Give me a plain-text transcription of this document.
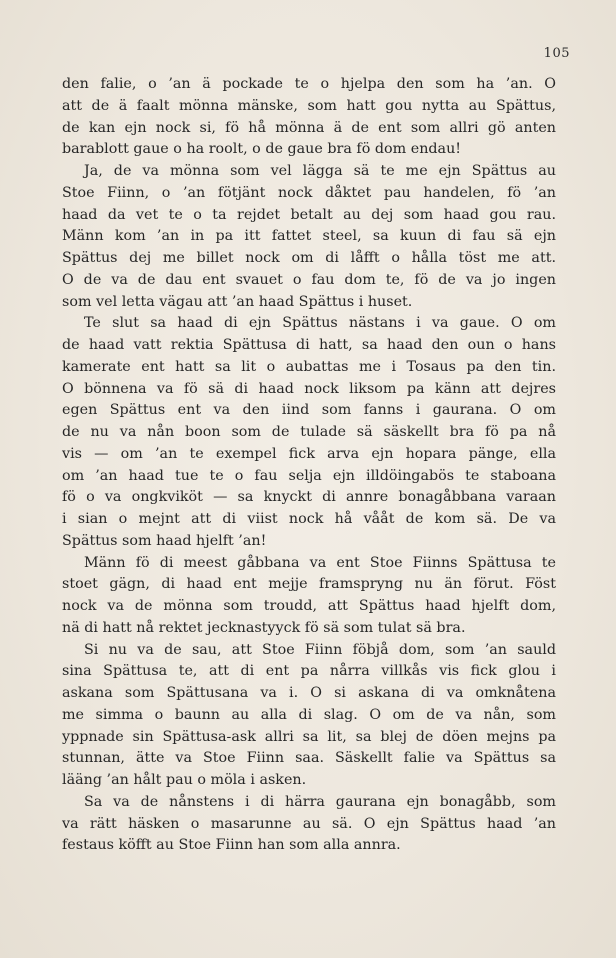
105
den falie, o ’an ä pockade te o hjelpa den som ha ’an. O
att de ä faalt mönna mänske, som hatt gou nytta au Spättus,
de kan ejn nock si, fö hå mönna ä de ent som allri gö anten
barablott gaue o ha roolt, o de gaue bra fö dom endau!
Ja, de va mönna som vel lägga sä te me ejn Spättus au
Stoe Fiinn, o ’an fötjänt nock dåktet pau handelen, fö ’an
haad da vet te o ta rejdet betalt au dej som haad gou rau.
Männ kom ’an in pa itt fattet steel, sa kuun di fau sä ejn
Spättus dej me billet nock om di låfft o hålla töst me att.
O de va de dau ent svauet o fau dom te, fö de va jo ingen
som vel letta vägau att ’an haad Spättus i huset.
Te slut sa haad di ejn Spättus nästans i va gaue. O om
de haad vatt rektia Spättusa di hatt, sa haad den oun o hans
kamerate ent hatt sa lit o aubattas me i Tosaus pa den tin.
O bönnena va fö sä di haad nock liksom pa känn att dejres
egen Spättus ent va den iind som fanns i gaurana. O om
de nu va nån boon som de tulade sä säskellt bra fö pa nå
vis — om ’an te exempel fick arva ejn hopara pänge, ella
om ’an haad tue te o fau selja ejn illdöingabös te staboana
fö o va ongkviköt — sa knyckt di annre bonagåbbana varaan
i sian o mejnt att di viist nock hå vååt de kom sä. De va
Spättus som haad hjelft ’an!
Männ fö di meest gåbbana va ent Stoe Fiinns Spättusa te
stoet gägn, di haad ent mejje framspryng nu än förut. Föst
nock va de mönna som troudd, att Spättus haad hjelft dom,
nä di hatt nå rektet jecknastyyck fö sä som tulat sä bra.
Si nu va de sau, att Stoe Fiinn föbjå dom, som ’an sauld
sina Spättusa te, att di ent pa nårra villkås vis fick glou i
askana som Spättusana va i. O si askana di va omknåtena
me simma o baunn au alla di slag. O om de va nån, som
yppnade sin Spättusa-ask allri sa lit, sa blej de döen mejns pa
stunnan, ätte va Stoe Fiinn saa. Säskellt falie va Spättus sa
lääng ’an hålt pau o möla i asken.
Sa va de nånstens i di härra gaurana ejn bonagåbb, som
va rätt häsken o masarunne au sä. O ejn Spättus haad ’an
festaus köfft au Stoe Fiinn han som alla annra.
